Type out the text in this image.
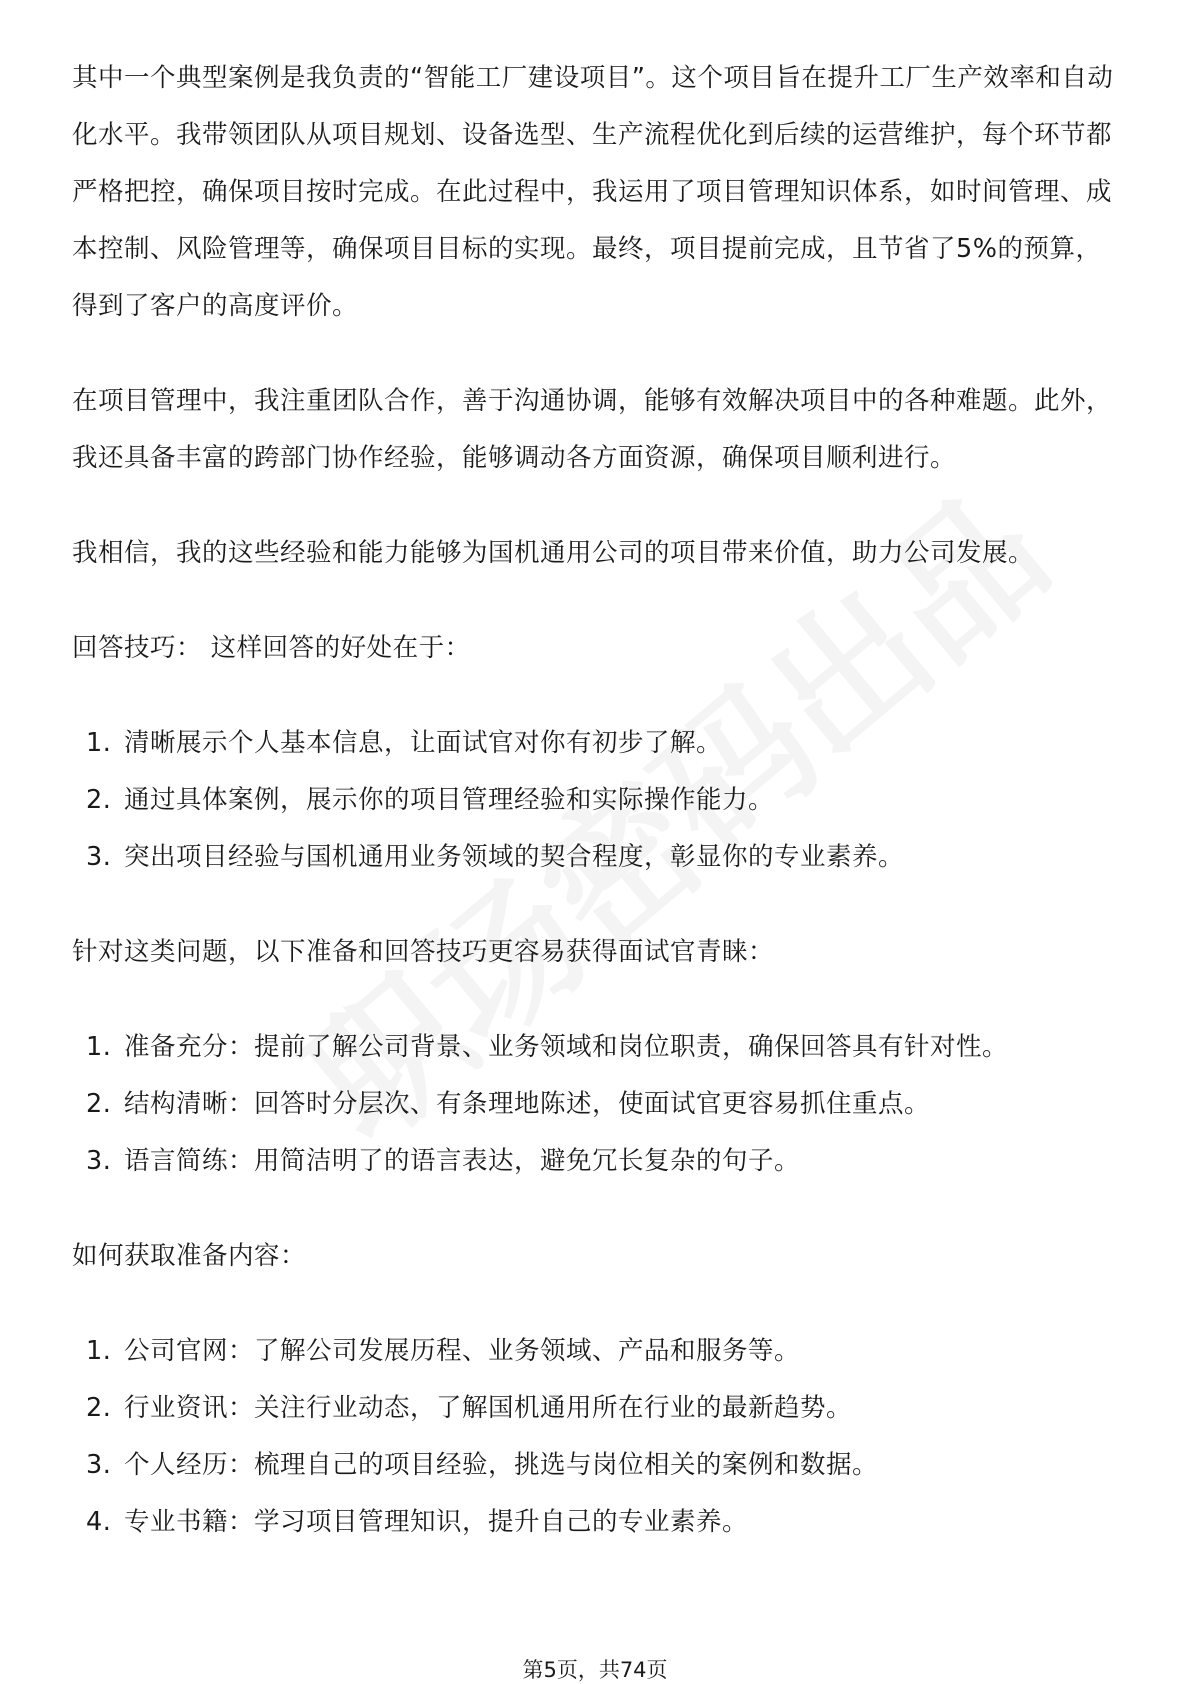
其中一个典型案例是我负责的“智能工厂建设项目”。这个项目旨在提升工厂生产效率和自动化水平。我带领团队从项目规划、设备选型、生产流程优化到后续的运营维护，每个环节都严格把控，确保项目按时完成。在此过程中，我运用了项目管理知识体系，如时间管理、成本控制、风险管理等，确保项目目标的实现。最终，项目提前完成，且节省了5%的预算，得到了客户的高度评价。

在项目管理中，我注重团队合作，善于沟通协调，能够有效解决项目中的各种难题。此外，我还具备丰富的跨部门协作经验，能够调动各方面资源，确保项目顺利进行。

我相信，我的这些经验和能力能够为国机通用公司的项目带来价值，助力公司发展。

回答技巧： 这样回答的好处在于：

1. 清晰展示个人基本信息，让面试官对你有初步了解。
2. 通过具体案例，展示你的项目管理经验和实际操作能力。
3. 突出项目经验与国机通用业务领域的契合程度，彰显你的专业素养。

针对这类问题，以下准备和回答技巧更容易获得面试官青睐：

1. 准备充分：提前了解公司背景、业务领域和岗位职责，确保回答具有针对性。
2. 结构清晰：回答时分层次、有条理地陈述，使面试官更容易抓住重点。
3. 语言简练：用简洁明了的语言表达，避免冗长复杂的句子。

如何获取准备内容：

1. 公司官网：了解公司发展历程、业务领域、产品和服务等。
2. 行业资讯：关注行业动态，了解国机通用所在行业的最新趋势。
3. 个人经历：梳理自己的项目经验，挑选与岗位相关的案例和数据。
4. 专业书籍：学习项目管理知识，提升自己的专业素养。
第5页，共74页
